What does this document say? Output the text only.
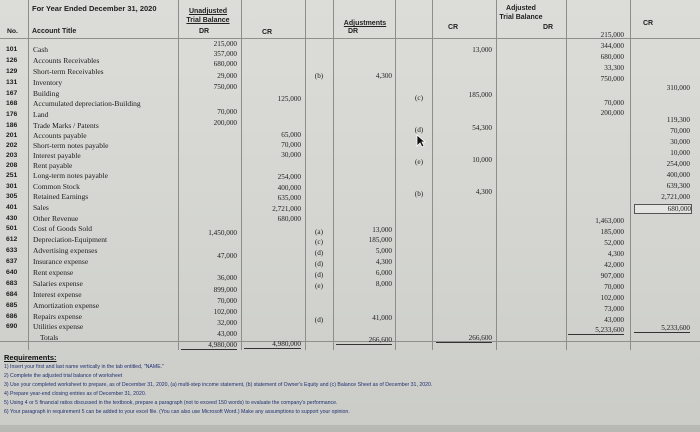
For Year Ended December 31, 2020
No. Account Title
Unadjusted
Trial Balance
DR	CR
Adjustments
DR
CR
Adjusted
Trial Balance
DR
CR
101 Cash
126 Accounts Receivables
129 Short-term Receivables
131 Inventory
167 Building
168 Accumulated depreciation-Building
176 Land
186 Trade Marks / Patents
201 Accounts payable
202 Short-term notes payable
203 Interest payable
208 Rent payable
251 Long-term notes payable
301 Common Stock
305 Retained Earnings
401 Sales
430 Other Revenue
501 Cost of Goods Sold
612 Depreciation-Equipment
633 Advertising expenses
637 Insurance expense
640 Rent expense
683 Salaries expense
684 Interest expense
685 Amortization expense
686 Repairs expense
690 Utilities expense
Totals
215,000
357,000
680,000
29,000
750,000
70,000
200,000
1,450,000
47,000
36,000
899,000
70,000
102,000
32,000
43,000
4,980,000
125,000
65,000
70,000
30,000
254,000
400,000
635,000
2,721,000
680,000
4,980,000
(b)
(a)
(c)
(d)
(d)
(d)
(e)
(d)
4,300
13,000
185,000
5,000
4,300
6,000
8,000
41,000
266,600
(c)
(d)
(e)
(b)
13,000
185,000
54,300
10,000
4,300
266,600
215,000
344,000
680,000
33,300
750,000
70,000
200,000
1,463,000
185,000
52,000
4,300
42,000
907,000
70,000
102,000
73,000
43,000
5,233,600
310,000
119,300
70,000
30,000
10,000
254,000
400,000
639,300
2,721,000
680,000
5,233,600
Requirements:
1) Insert your first and last name vertically in the tab entitled, "NAME."
2) Complete the adjusted trial balance of worksheet
3) Use your completed worksheet to prepare, as of December 31, 2020, (a) multi-step income statement, (b) statement of Owner's Equity and (c) Balance Sheet as of December 31, 2020.
4) Prepare year-end closing entries as of December 31, 2020.
5) Using 4 or 5 financial ratios discussed in the textbook, prepare a paragraph (not to exceed 150 words) to evaluate the company's performance.
6) Your paragraph in requirement 5 can be added to your excel file. (You can also use Microsoft Word.) Make any assumptions to support your opinion.
